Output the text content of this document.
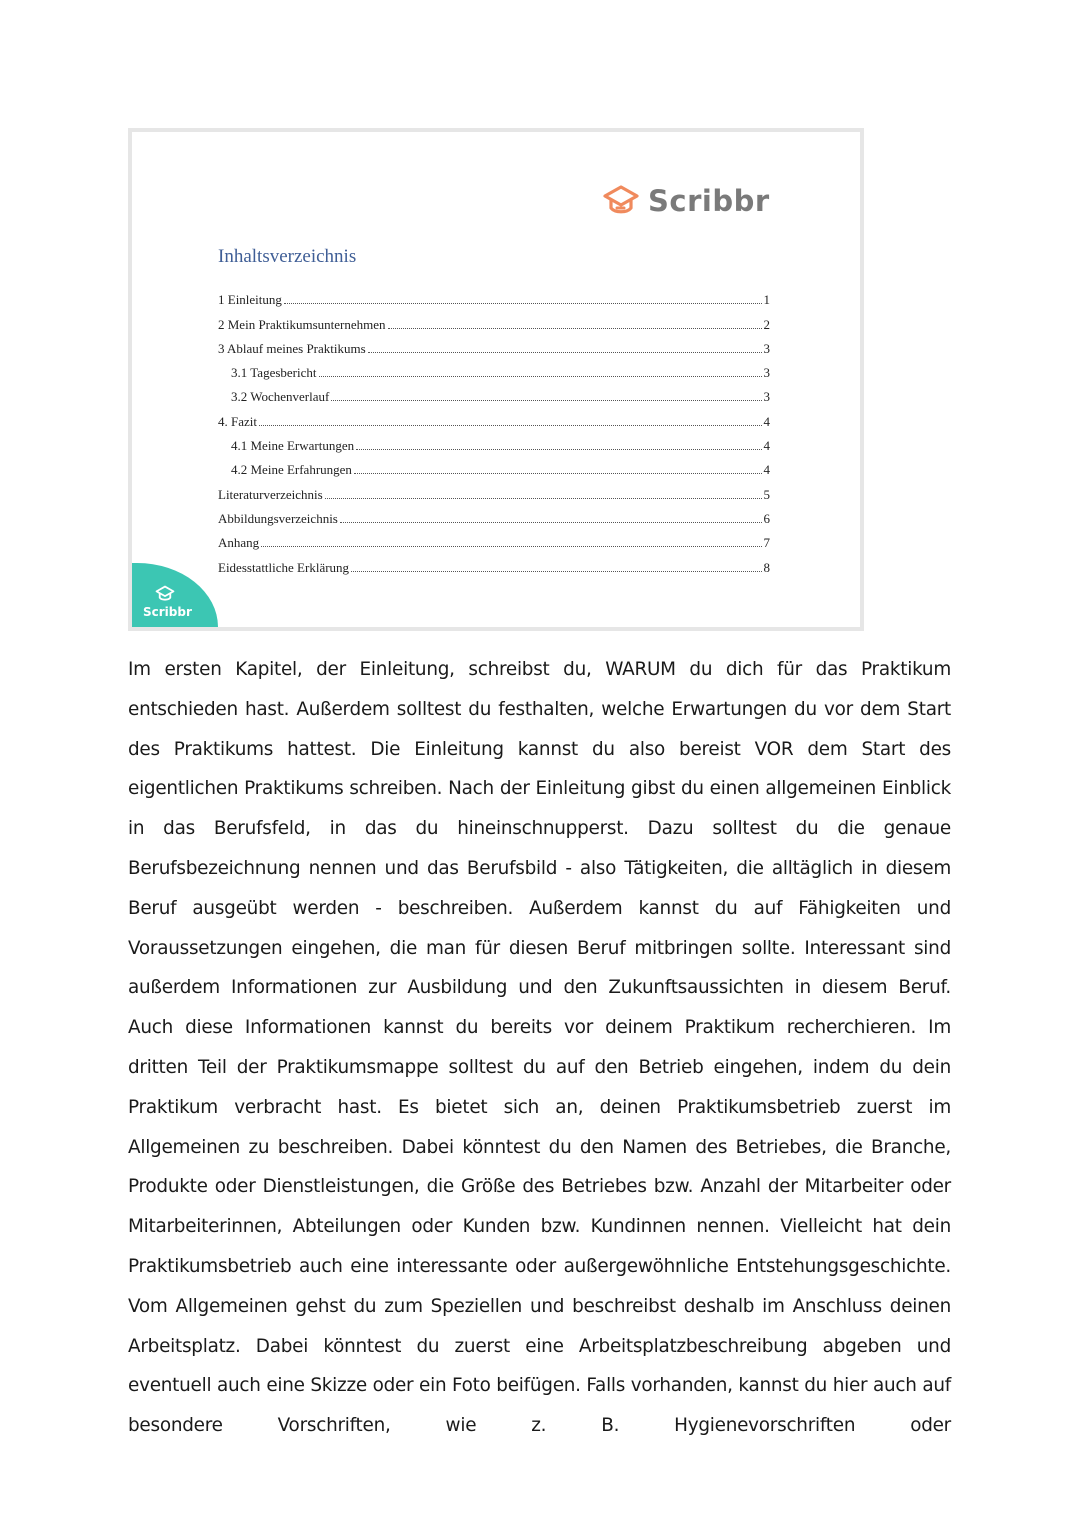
Scribbr
Inhaltsverzeichnis
1 Einleitung	1
2 Mein Praktikumsunternehmen	2
3 Ablauf meines Praktikums	3
3.1 Tagesbericht	3
3.2 Wochenverlauf	3
4. Fazit	4
4.1 Meine Erwartungen	4
4.2 Meine Erfahrungen	4
Literaturverzeichnis	5
Abbildungsverzeichnis	6
Anhang	7
Eidesstattliche Erklärung	8
Scribbr

Im ersten Kapitel, der Einleitung, schreibst du, WARUM du dich für das Praktikum entschieden hast. Außerdem solltest du festhalten, welche Erwartungen du vor dem Start des Praktikums hattest. Die Einleitung kannst du also bereist VOR dem Start des eigentlichen Praktikums schreiben. Nach der Einleitung gibst du einen allgemeinen Einblick in das Berufsfeld, in das du hineinschnupperst. Dazu solltest du die genaue Berufsbezeichnung nennen und das Berufsbild - also Tätigkeiten, die alltäglich in diesem Beruf ausgeübt werden - beschreiben. Außerdem kannst du auf Fähigkeiten und Voraussetzungen eingehen, die man für diesen Beruf mitbringen sollte. Interessant sind außerdem Informationen zur Ausbildung und den Zukunftsaussichten in diesem Beruf. Auch diese Informationen kannst du bereits vor deinem Praktikum recherchieren. Im dritten Teil der Praktikumsmappe solltest du auf den Betrieb eingehen, indem du dein Praktikum verbracht hast. Es bietet sich an, deinen Praktikumsbetrieb zuerst im Allgemeinen zu beschreiben. Dabei könntest du den Namen des Betriebes, die Branche, Produkte oder Dienstleistungen, die Größe des Betriebes bzw. Anzahl der Mitarbeiter oder Mitarbeiterinnen, Abteilungen oder Kunden bzw. Kundinnen nennen. Vielleicht hat dein Praktikumsbetrieb auch eine interessante oder außergewöhnliche Entstehungsgeschichte. Vom Allgemeinen gehst du zum Speziellen und beschreibst deshalb im Anschluss deinen Arbeitsplatz. Dabei könntest du zuerst eine Arbeitsplatzbeschreibung abgeben und eventuell auch eine Skizze oder ein Foto beifügen. Falls vorhanden, kannst du hier auch auf besondere Vorschriften, wie z. B. Hygienevorschriften oder
